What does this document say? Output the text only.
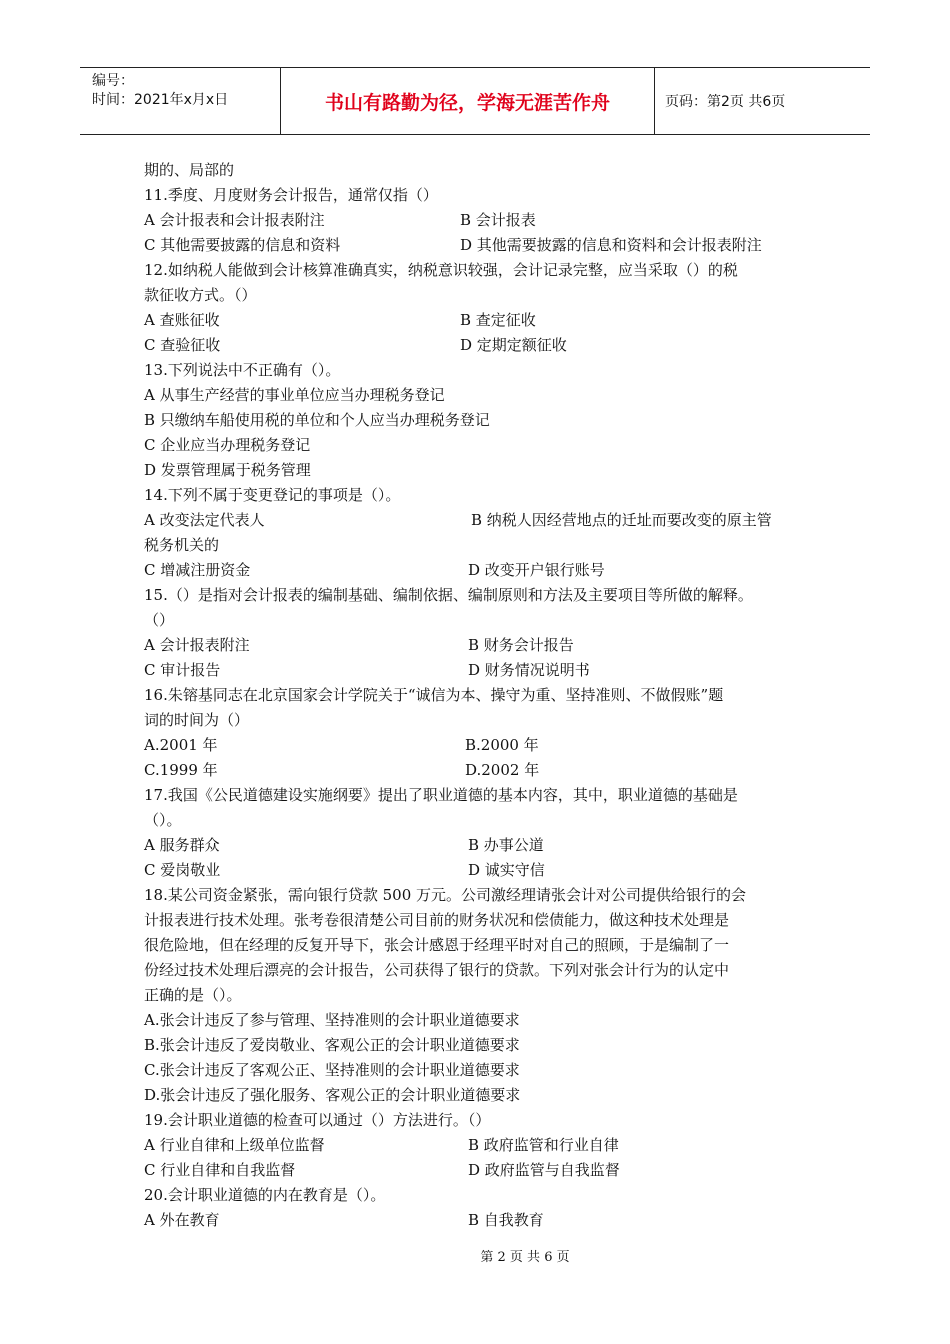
编号：
时间：2021年x月x日	书山有路勤为径，学海无涯苦作舟	页码：第2页 共6页
期的、局部的
11.季度、月度财务会计报告，通常仅指（）
A 会计报表和会计报表附注	B 会计报表
C 其他需要披露的信息和资料	D 其他需要披露的信息和资料和会计报表附注
12.如纳税人能做到会计核算准确真实，纳税意识较强，会计记录完整，应当采取（）的税
款征收方式。（）
A 查账征收	B 查定征收
C 查验征收	D 定期定额征收
13.下列说法中不正确有（）。
A 从事生产经营的事业单位应当办理税务登记
B 只缴纳车船使用税的单位和个人应当办理税务登记
C 企业应当办理税务登记
D 发票管理属于税务管理
14.下列不属于变更登记的事项是（）。
A 改变法定代表人	B 纳税人因经营地点的迁址而要改变的原主管
税务机关的
C 增减注册资金	D 改变开户银行账号
15.（）是指对会计报表的编制基础、编制依据、编制原则和方法及主要项目等所做的解释。
（）
A 会计报表附注	B 财务会计报告
C 审计报告	D 财务情况说明书
16.朱镕基同志在北京国家会计学院关于“诚信为本、操守为重、坚持准则、不做假账”题
词的时间为（）
A.2001 年	B.2000 年
C.1999 年	D.2002 年
17.我国《公民道德建设实施纲要》提出了职业道德的基本内容，其中，职业道德的基础是
（）。
A 服务群众	B 办事公道
C 爱岗敬业	D 诚实守信
18.某公司资金紧张，需向银行贷款 500 万元。公司激经理请张会计对公司提供给银行的会
计报表进行技术处理。张考卷很清楚公司目前的财务状况和偿债能力，做这种技术处理是
很危险地，但在经理的反复开导下，张会计感恩于经理平时对自己的照顾，于是编制了一
份经过技术处理后漂亮的会计报告，公司获得了银行的贷款。下列对张会计行为的认定中
正确的是（）。
A.张会计违反了参与管理、坚持准则的会计职业道德要求
B.张会计违反了爱岗敬业、客观公正的会计职业道德要求
C.张会计违反了客观公正、坚持准则的会计职业道德要求
D.张会计违反了强化服务、客观公正的会计职业道德要求
19.会计职业道德的检查可以通过（）方法进行。（）
A 行业自律和上级单位监督	B 政府监管和行业自律
C 行业自律和自我监督	D 政府监管与自我监督
20.会计职业道德的内在教育是（）。
A 外在教育	B 自我教育
第 2 页 共 6 页
